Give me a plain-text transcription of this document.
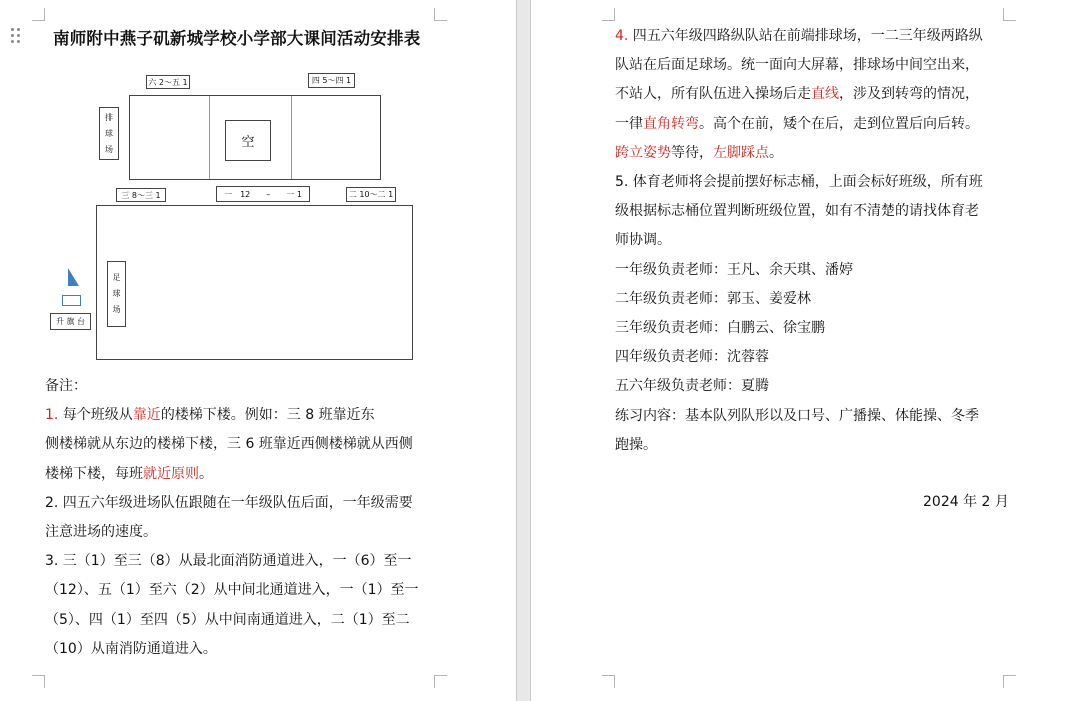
南师附中燕子矶新城学校小学部大课间活动安排表
六 2～五 1	四 5～四 1
空
排
球
场
三 8～三 1	一　12　　–　　一 1	二 10～二 1
足
球
场
升 旗 台
备注：
1. 每个班级从靠近的楼梯下楼。例如：三 8 班靠近东
侧楼梯就从东边的楼梯下楼，三 6 班靠近西侧楼梯就从西侧
楼梯下楼，每班就近原则。
2. 四五六年级进场队伍跟随在一年级队伍后面，一年级需要
注意进场的速度。
3. 三（1）至三（8）从最北面消防通道进入，一（6）至一
（12）、五（1）至六（2）从中间北通道进入，一（1）至一
（5）、四（1）至四（5）从中间南通道进入，二（1）至二
（10）从南消防通道进入。
4. 四五六年级四路纵队站在前端排球场，一二三年级两路纵
队站在后面足球场。统一面向大屏幕，排球场中间空出来，
不站人，所有队伍进入操场后走直线，涉及到转弯的情况，
一律直角转弯。高个在前，矮个在后，走到位置后向后转。
跨立姿势等待，左脚踩点。
5. 体育老师将会提前摆好标志桶，上面会标好班级，所有班
级根据标志桶位置判断班级位置，如有不清楚的请找体育老
师协调。
一年级负责老师：王凡、余天琪、潘婷
二年级负责老师：郭玉、姜爱林
三年级负责老师：白鹏云、徐宝鹏
四年级负责老师：沈蓉蓉
五六年级负责老师：夏腾
练习内容：基本队列队形以及口号、广播操、体能操、冬季
跑操。
2024 年 2 月
